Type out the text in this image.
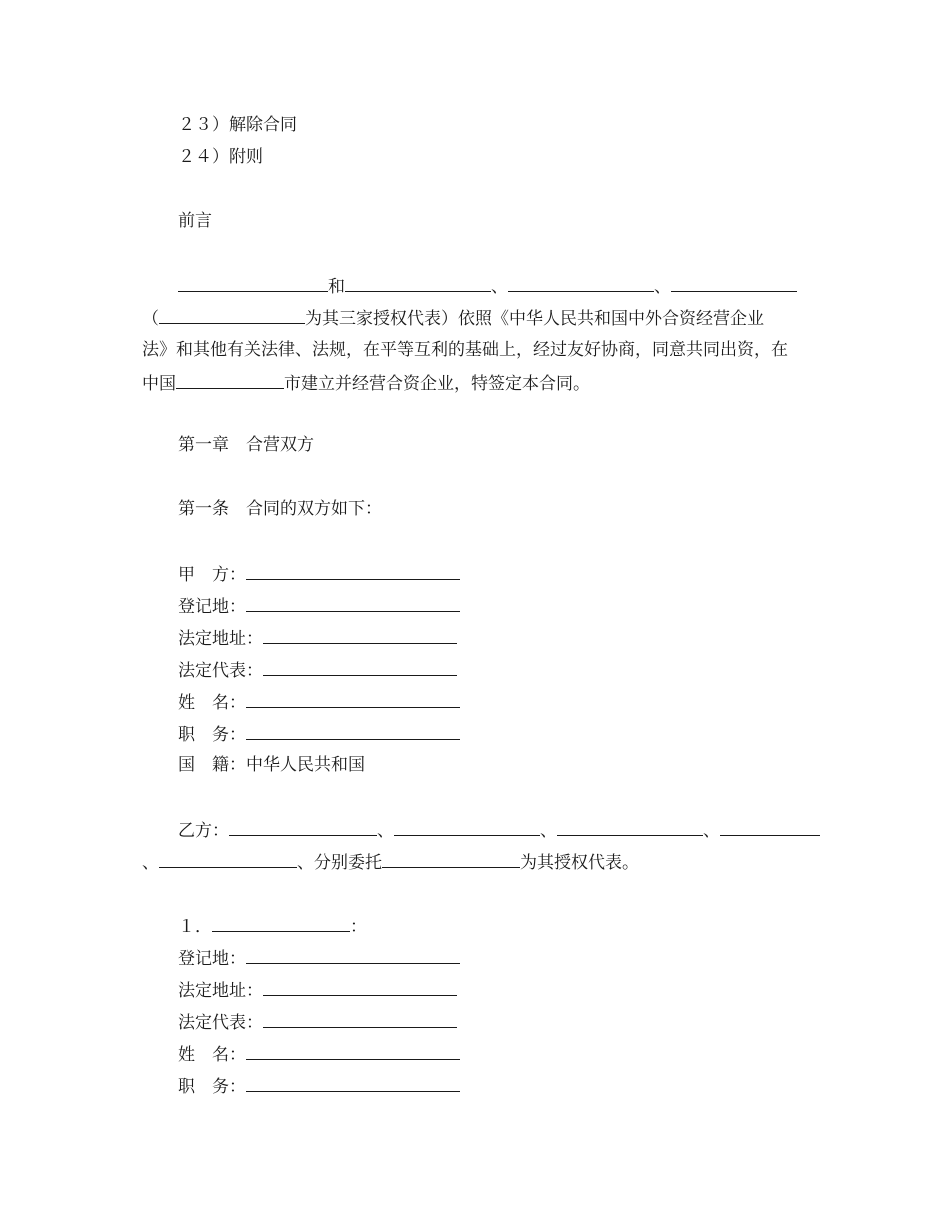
２３）解除合同
２４）附则
前言
和	、	、
（	为其三家授权代表）依照《中华人民共和国中外合资经营企业
法》和其他有关法律、法规，在平等互利的基础上，经过友好协商，同意共同出资，在
中国	市建立并经营合资企业，特签定本合同。
第一章　合营双方
第一条　合同的双方如下：
甲　方：
登记地：
法定地址：
法定代表：
姓　名：
职　务：
国　籍：中华人民共和国
乙方：	、	、	、
、	、分别委托	为其授权代表。
１．	：
登记地：
法定地址：
法定代表：
姓　名：
职　务：
